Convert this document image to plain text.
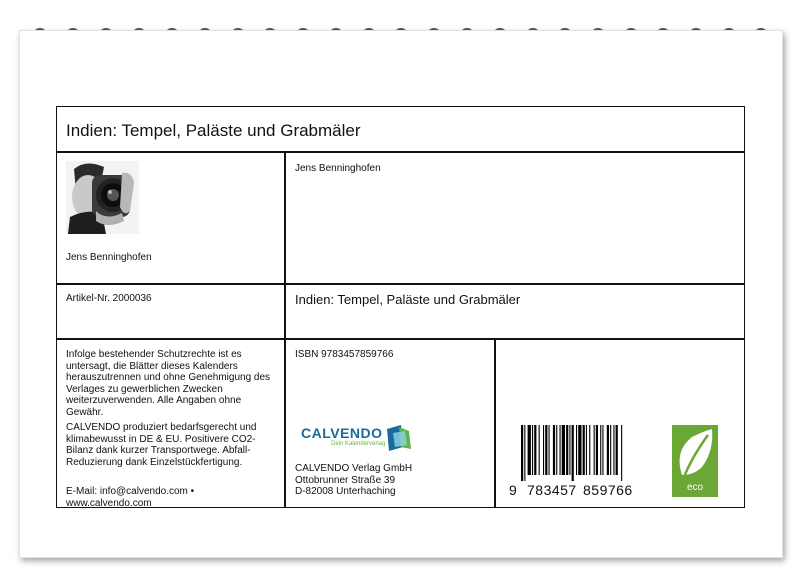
Indien: Tempel, Paläste und Grabmäler
Jens Benninghofen
Jens Benninghofen
Artikel-Nr. 2000036	Indien: Tempel, Paläste und Grabmäler
Infolge bestehender Schutzrechte ist es
untersagt, die Blätter dieses Kalenders
herauszutrennen und ohne Genehmigung des
Verlages zu gewerblichen Zwecken
weiterzuverwenden. Alle Angaben ohne
Gewähr.
CALVENDO produziert bedarfsgerecht und
klimabewusst in DE & EU. Positivere CO2-
Bilanz dank kurzer Transportwege. Abfall-
Reduzierung dank Einzelstückfertigung.
E-Mail: info@calvendo.com •
www.calvendo.com
ISBN 9783457859766
CALVENDO
Dein Kalenderverlag
CALVENDO Verlag GmbH
Ottobrunner Straße 39
D-82008 Unterhaching	9 783457 859766	eco
